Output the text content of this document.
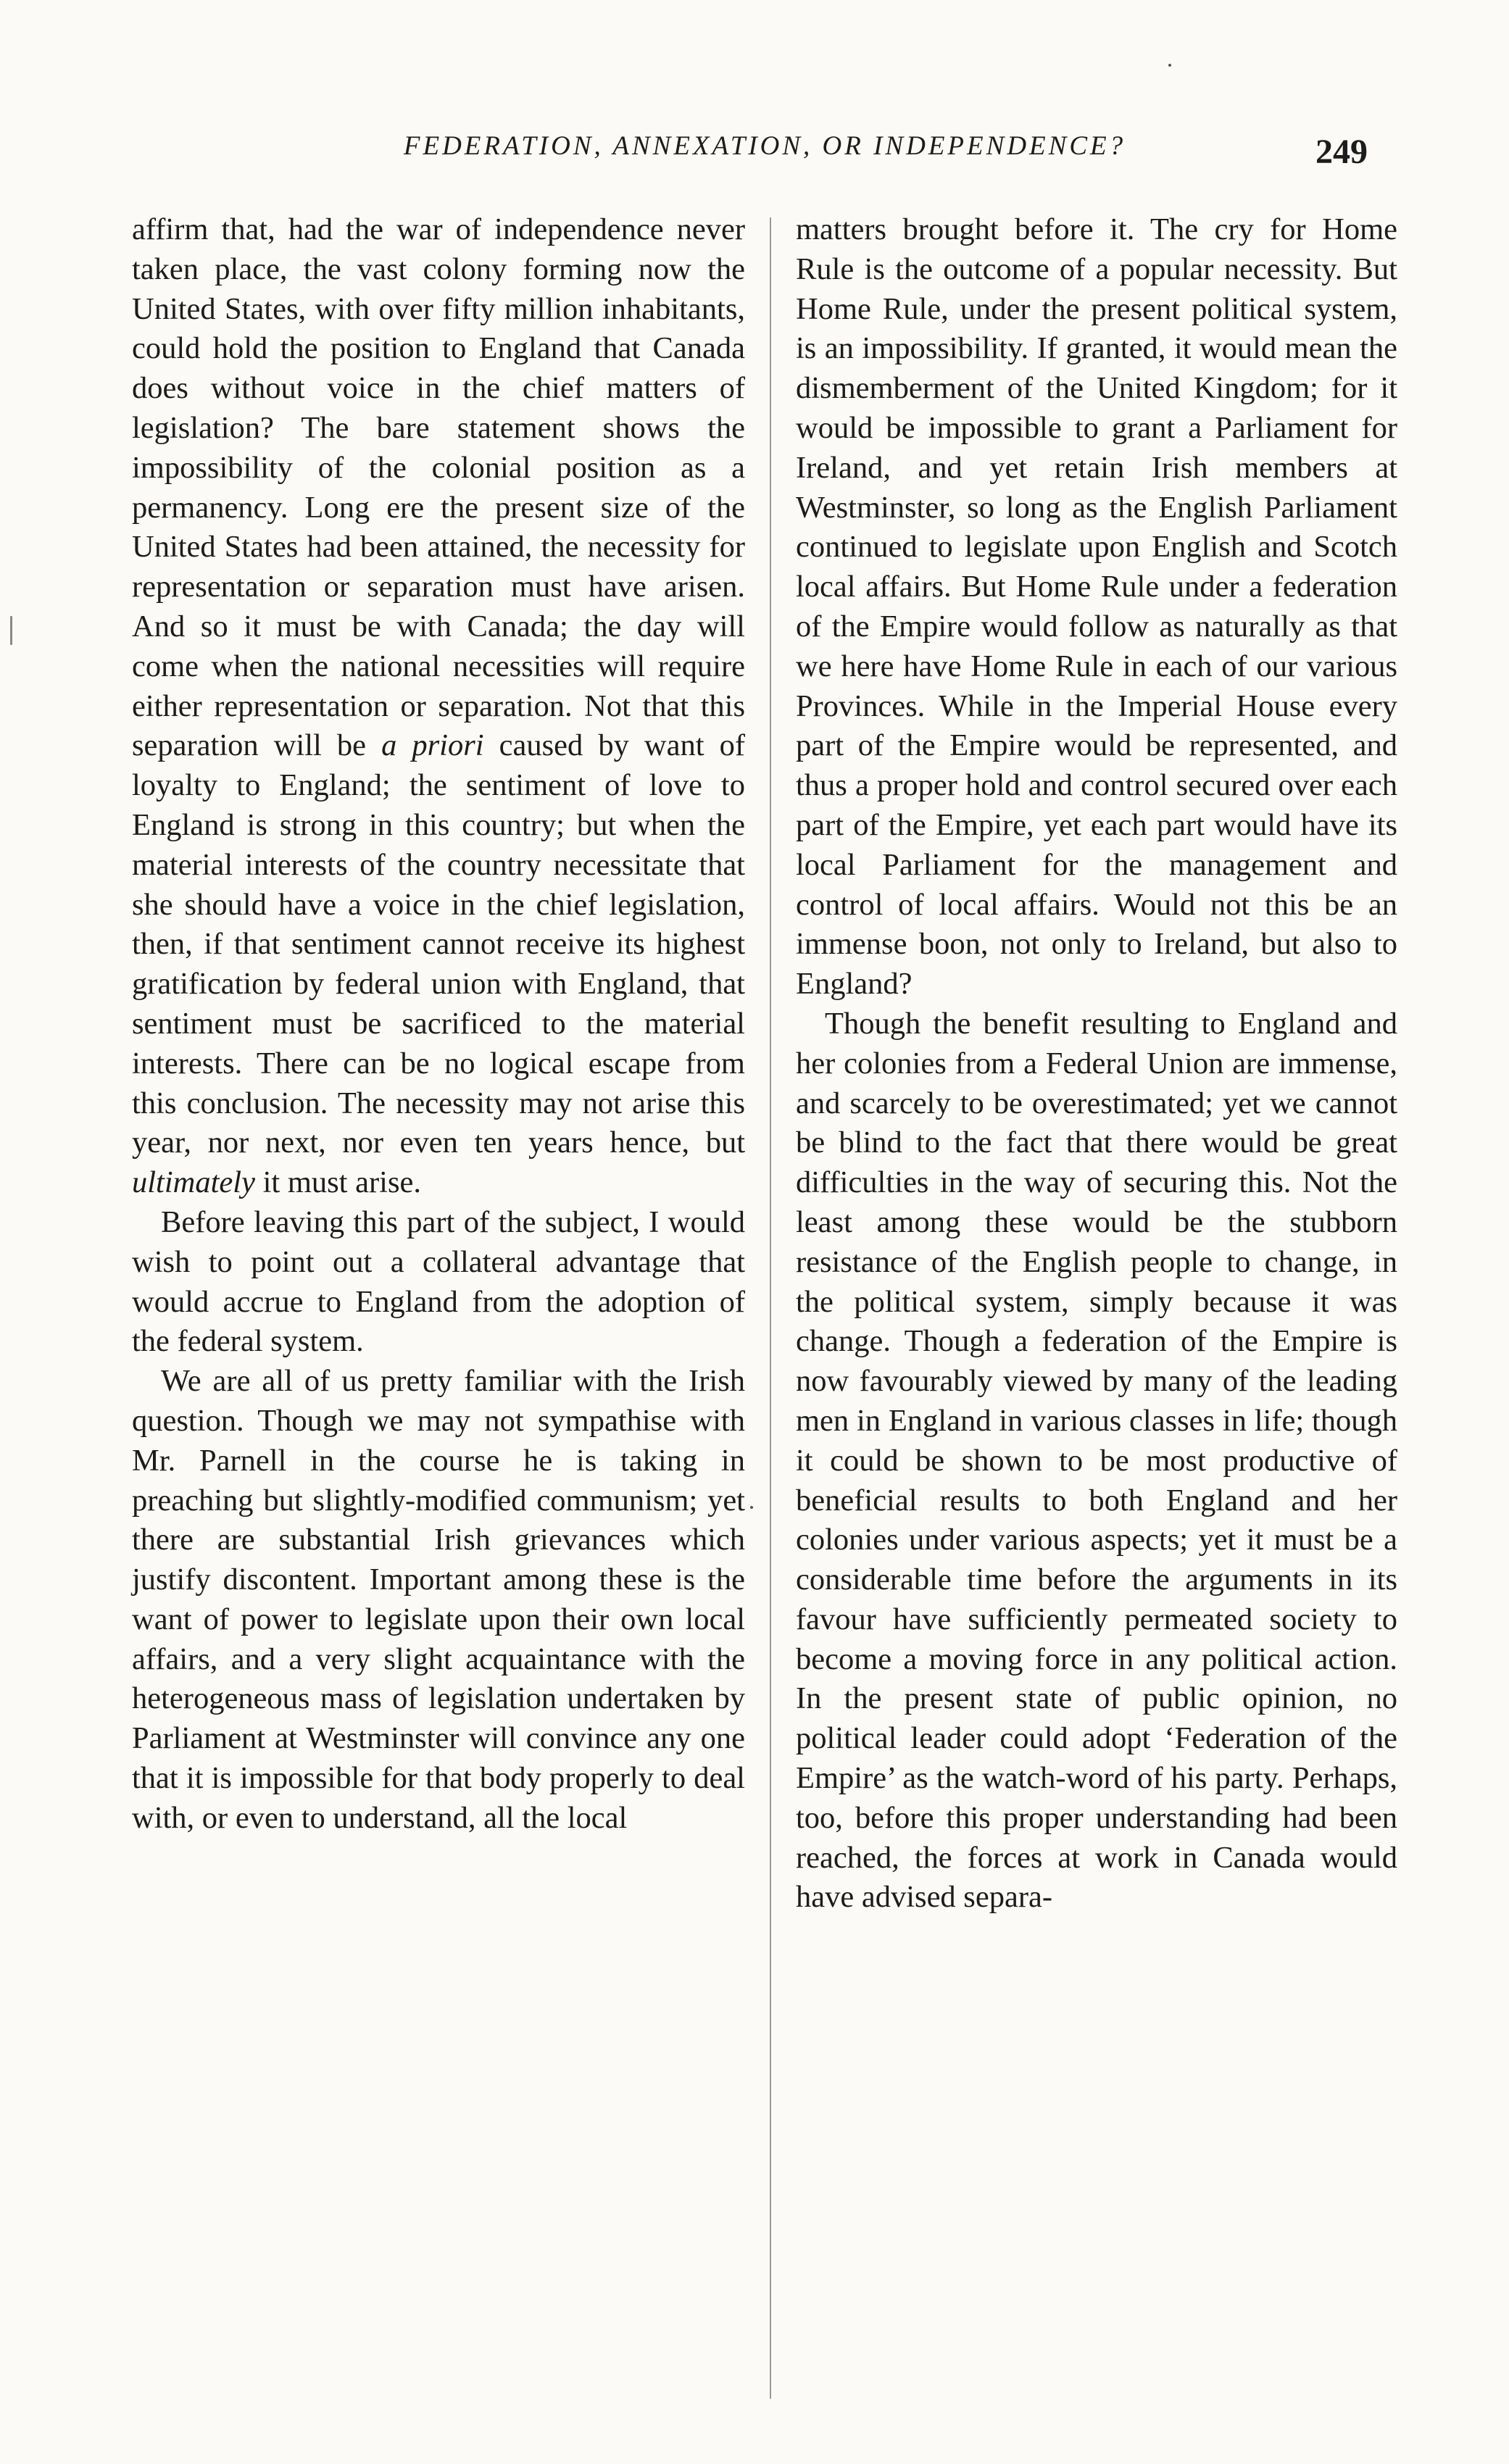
FEDERATION, ANNEXATION, OR INDEPENDENCE?	249

affirm that, had the war of independence never taken place, the vast colony forming now the United States, with over fifty million inhabitants, could hold the position to England that Canada does without voice in the chief matters of legislation? The bare statement shows the impossibility of the colonial position as a permanency. Long ere the present size of the United States had been attained, the necessity for representation or separation must have arisen. And so it must be with Canada; the day will come when the national necessities will require either representation or separation. Not that this separation will be a priori caused by want of loyalty to England; the sentiment of love to England is strong in this country; but when the material interests of the country necessitate that she should have a voice in the chief legislation, then, if that sentiment cannot receive its highest gratification by federal union with England, that sentiment must be sacrificed to the material interests. There can be no logical escape from this conclusion. The necessity may not arise this year, nor next, nor even ten years hence, but ultimately it must arise.

Before leaving this part of the subject, I would wish to point out a collateral advantage that would accrue to England from the adoption of the federal system.

We are all of us pretty familiar with the Irish question. Though we may not sympathise with Mr. Parnell in the course he is taking in preaching but slightly-modified communism; yet there are substantial Irish grievances which justify discontent. Important among these is the want of power to legislate upon their own local affairs, and a very slight acquaintance with the heterogeneous mass of legislation undertaken by Parliament at Westminster will convince any one that it is impossible for that body properly to deal with, or even to understand, all the local

matters brought before it. The cry for Home Rule is the outcome of a popular necessity. But Home Rule, under the present political system, is an impossibility. If granted, it would mean the dismemberment of the United Kingdom; for it would be impossible to grant a Parliament for Ireland, and yet retain Irish members at Westminster, so long as the English Parliament continued to legislate upon English and Scotch local affairs. But Home Rule under a federation of the Empire would follow as naturally as that we here have Home Rule in each of our various Provinces. While in the Imperial House every part of the Empire would be represented, and thus a proper hold and control secured over each part of the Empire, yet each part would have its local Parliament for the management and control of local affairs. Would not this be an immense boon, not only to Ireland, but also to England?

Though the benefit resulting to England and her colonies from a Federal Union are immense, and scarcely to be overestimated; yet we cannot be blind to the fact that there would be great difficulties in the way of securing this. Not the least among these would be the stubborn resistance of the English people to change, in the political system, simply because it was change. Though a federation of the Empire is now favourably viewed by many of the leading men in England in various classes in life; though it could be shown to be most productive of beneficial results to both England and her colonies under various aspects; yet it must be a considerable time before the arguments in its favour have sufficiently permeated society to become a moving force in any political action. In the present state of public opinion, no political leader could adopt ‘Federation of the Empire’ as the watch-word of his party. Perhaps, too, before this proper understanding had been reached, the forces at work in Canada would have advised separa-
